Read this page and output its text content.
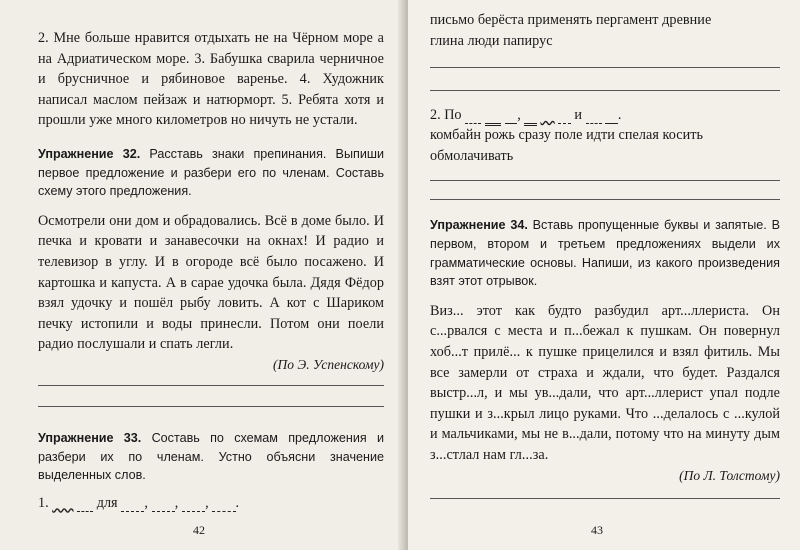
2. Мне больше нравится отдыхать не на Чёрном море а на Адриатическом море. 3. Бабушка сварила черничное и брусничное и рябиновое варенье. 4. Художник написал маслом пейзаж и натюрморт. 5. Ребята хотя и прошли уже много километров но ничуть не устали.

Упражнение 32. Расставь знаки препинания. Выпиши первое предложение и разбери его по членам. Составь схему этого предложения.

Осмотрели они дом и обрадовались. Всё в доме было. И печка и кровати и занавесочки на окнах! И радио и телевизор в углу. И в огороде всё было посажено. И картошка и капуста. А в сарае удочка была. Дядя Фёдор взял удочку и пошёл рыбу ловить. А кот с Шариком печку истопили и воды принесли. Потом они поели радио послушали и спать легли.

(По Э. Успенскому)

Упражнение 33. Составь по схемам предложения и разбери их по членам. Устно объясни значение выделенных слов.

1.	для ,       ,       ,       .

письмо берёста применять пергамент древние

глина люди папирус

2. По	,	и         .

комбайн рожь сразу поле идти спелая косить обмолачивать

Упражнение 34. Вставь пропущенные буквы и запятые. В первом, втором и третьем предложениях выдели их грамматические основы. Напиши, из какого произведения взят этот отрывок.

Виз... этот как будто разбудил арт...ллериста. Он с...рвался с места и п...бежал к пушкам. Он повернул хоб...т прилё... к пушке прицелился и взял фитиль. Мы все замерли от страха и ждали, что будет. Раздался выстр...л, и мы ув...дали, что арт...ллерист упал подле пушки и з...крыл лицо руками. Что ...делалось с ...кулой и мальчиками, мы не в...дали, потому что на минуту дым з...стлал нам гл...за.

(По Л. Толстому)

42	43
